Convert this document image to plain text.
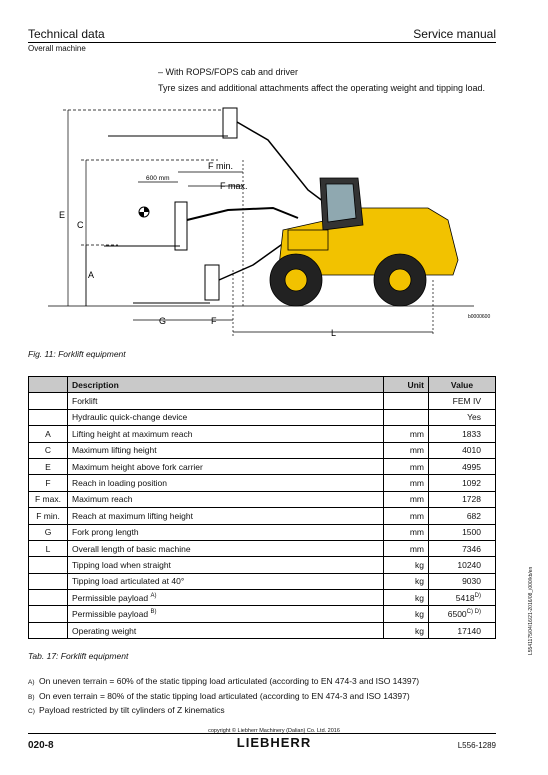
Technical data	Service manual
Overall machine
– With ROPS/FOPS cab and driver
Tyre sizes and additional attachments affect the operating weight and tipping load.
E
C
A
G	F
L
F min.
F max.
600 mm
b0000600
Fig. 11: Forklift equipment
	Description	Unit	Value
	Forklift		FEM IV
	Hydraulic quick-change device		Yes
A	Lifting height at maximum reach	mm	1833
C	Maximum lifting height	mm	4010
E	Maximum height above fork carrier	mm	4995
F	Reach in loading position	mm	1092
F max.	Maximum reach	mm	1728
F min.	Reach at maximum lifting height	mm	682
G	Fork prong length	mm	1500
L	Overall length of basic machine	mm	7346
	Tipping load when straight	kg	10240
	Tipping load articulated at 40°	kg	9030
	Permissible payload $^{A)}$	kg	$5418^{D)}$
	Permissible payload $^{B)}$	kg	$6500^{C) D)}$
	Operating weight	kg	17140
Tab. 17: Forklift equipment
A) On uneven terrain = 60% of the static tipping load articulated (according to EN 474-3 and ISO 14397)
B) On even terrain = 80% of the static tipping load articulated (according to EN 474-3 and ISO 14397)
C) Payload restricted by tilt cylinders of Z kinematics
L5541175/04/16/21-2016/08_i000/kb/en
020-8
copyright © Liebherr Machinery (Dalian) Co. Ltd. 2016
LIEBHERR	L556-1289
